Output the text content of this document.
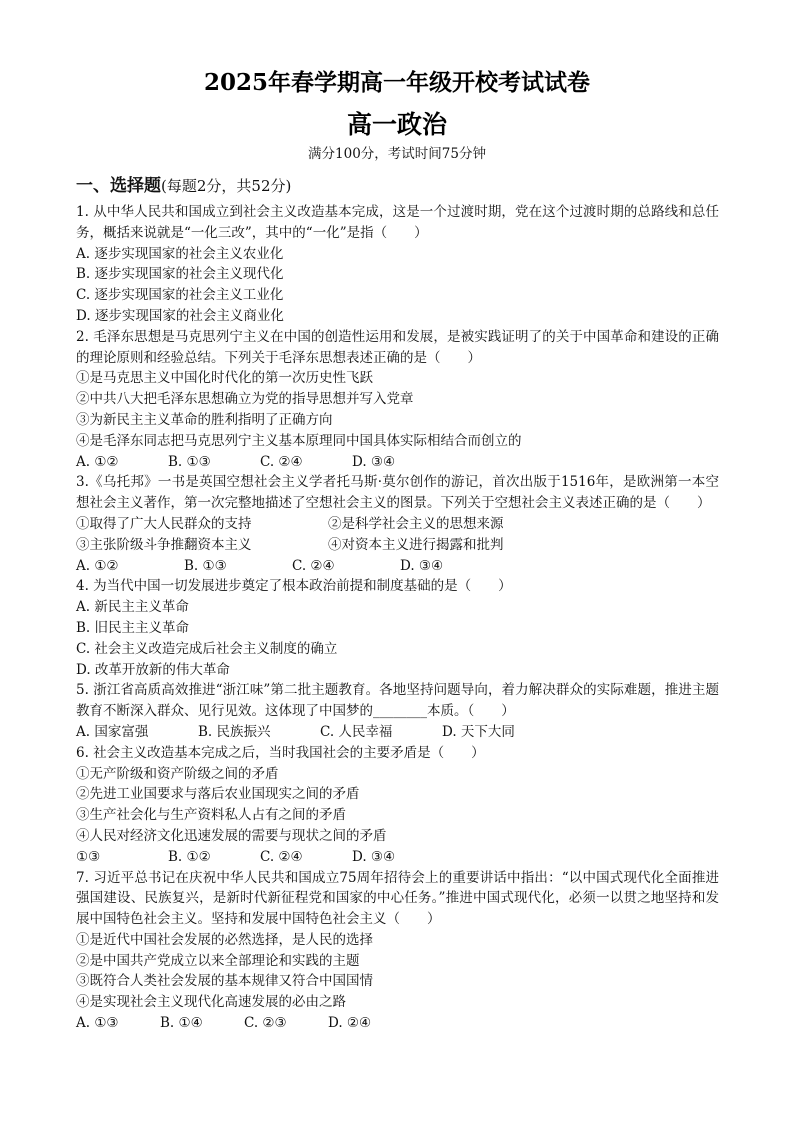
2025年春学期高一年级开校考试试卷
高一政治
满分100分，考试时间75分钟
一、选择题(每题2分，共52分)

1. 从中华人民共和国成立到社会主义改造基本完成，这是一个过渡时期，党在这个过渡时期的总路线和总任务，概括来说就是“一化三改”，其中的“一化”是指（　　）

A. 逐步实现国家的社会主义农业化

B. 逐步实现国家的社会主义现代化

C. 逐步实现国家的社会主义工业化

D. 逐步实现国家的社会主义商业化

2. 毛泽东思想是马克思列宁主义在中国的创造性运用和发展，是被实践证明了的关于中国革命和建设的正确的理论原则和经验总结。下列关于毛泽东思想表述正确的是（　　）

①是马克思主义中国化时代化的第一次历史性飞跃

②中共八大把毛泽东思想确立为党的指导思想并写入党章

③为新民主主义革命的胜利指明了正确方向

④是毛泽东同志把马克思列宁主义基本原理同中国具体实际相结合而创立的

A. ①②	B. ①③	C. ②④	D. ③④

3.《乌托邦》一书是英国空想社会主义学者托马斯·莫尔创作的游记，首次出版于1516年，是欧洲第一本空想社会主义著作，第一次完整地描述了空想社会主义的图景。下列关于空想社会主义表述正确的是（　　）

①取得了广大人民群众的支持	②是科学社会主义的思想来源
③主张阶级斗争推翻资本主义	④对资本主义进行揭露和批判

A. ①②	B. ①③	C. ②④	D. ③④

4. 为当代中国一切发展进步奠定了根本政治前提和制度基础的是（　　）

A. 新民主主义革命

B. 旧民主主义革命

C. 社会主义改造完成后社会主义制度的确立

D. 改革开放新的伟大革命

5. 浙江省高质高效推进“浙江味”第二批主题教育。各地坚持问题导向，着力解决群众的实际难题，推进主题教育不断深入群众、见行见效。这体现了中国梦的________本质。（　　）

A. 国家富强	B. 民族振兴	C. 人民幸福	D. 天下大同

6. 社会主义改造基本完成之后，当时我国社会的主要矛盾是（　　）

①无产阶级和资产阶级之间的矛盾

②先进工业国要求与落后农业国现实之间的矛盾

③生产社会化与生产资料私人占有之间的矛盾

④人民对经济文化迅速发展的需要与现状之间的矛盾

①③	B. ①②	C. ②④	D. ③④

7. 习近平总书记在庆祝中华人民共和国成立75周年招待会上的重要讲话中指出：“以中国式现代化全面推进强国建设、民族复兴，是新时代新征程党和国家的中心任务。”推进中国式现代化，必须一以贯之地坚持和发展中国特色社会主义。坚持和发展中国特色社会主义（　　）

①是近代中国社会发展的必然选择，是人民的选择

②是中国共产党成立以来全部理论和实践的主题

③既符合人类社会发展的基本规律又符合中国国情

④是实现社会主义现代化高速发展的必由之路

A. ①③	B. ①④	C. ②③	D. ②④
